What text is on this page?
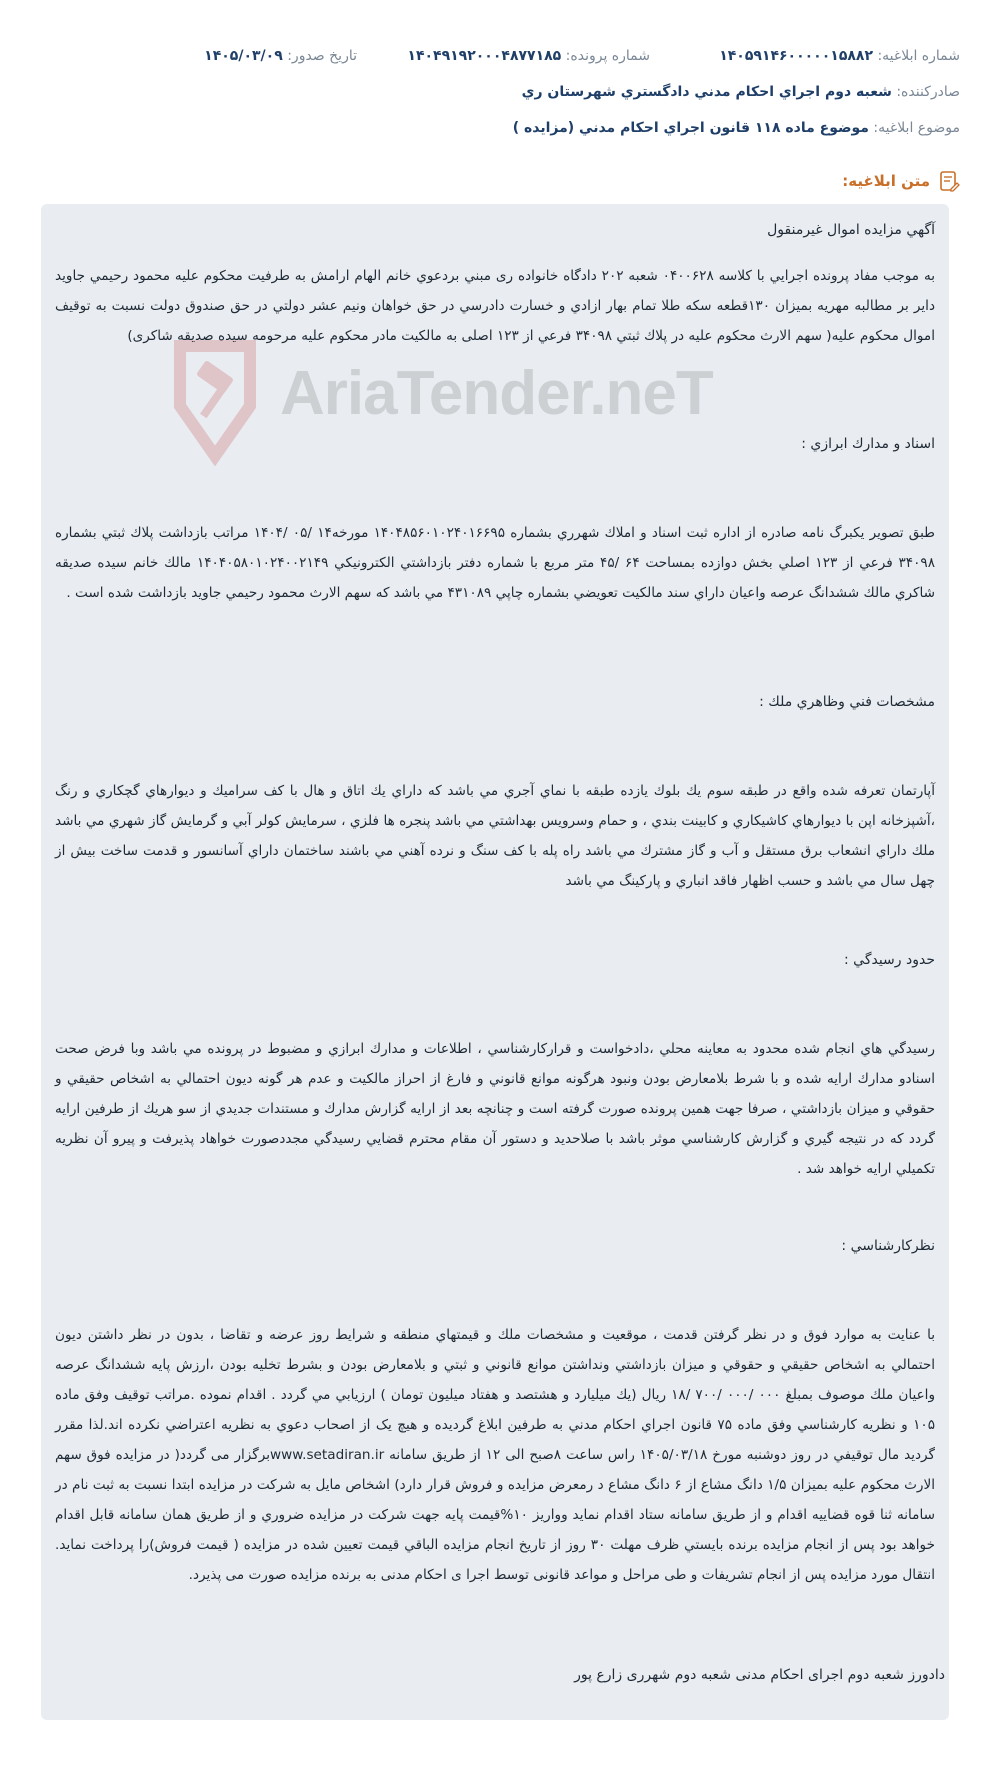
شماره ابلاغیه: ۱۴۰۵۹۱۴۶۰۰۰۰۰۱۵۸۸۲
شماره پرونده: ۱۴۰۴۹۱۹۲۰۰۰۴۸۷۷۱۸۵
تاریخ صدور: ۱۴۰۵/۰۳/۰۹
صادرکننده: شعبه دوم اجراي احكام مدني دادگستري شهرستان ري
موضوع ابلاغیه: موضوع ماده ۱۱۸ قانون اجراي احكام مدني (مزايده )
متن ابلاغیه:
AriaTender.neT
آگهي مزايده اموال غيرمنقول
به موجب مفاد پرونده اجرايي با كلاسه ۰۴۰۰۶۲۸ شعبه ۲۰۲ دادگاه خانواده ری مبني بردعوي خانم الهام ارامش به طرفيت محكوم عليه محمود رحيمي جاويد داير بر مطالبه مهريه بميزان ۱۳۰قطعه سكه طلا تمام بهار ازادي و خسارت دادرسي در حق خواهان ونيم عشر دولتي در حق صندوق دولت نسبت به توقيف اموال محكوم عليه( سهم الارث محكوم عليه در پلاك ثبتي ۳۴۰۹۸ فرعي از ۱۲۳ اصلی به مالکیت مادر محکوم علیه مرحومه سیده صدیقه شاکری)
اسناد و مدارك ابرازي :
طبق تصوير يكبرگ نامه صادره از اداره ثبت اسناد و املاك شهرري بشماره ۱۴۰۴۸۵۶۰۱۰۲۴۰۱۶۶۹۵ مورخه۱۴ /۰۵ /۱۴۰۴ مراتب بازداشت پلاك ثبتي بشماره ۳۴۰۹۸ فرعي از ۱۲۳ اصلي بخش دوازده بمساحت ۶۴ /۴۵ متر مربع با شماره دفتر بازداشتي الكترونيكي ۱۴۰۴۰۵۸۰۱۰۲۴۰۰۲۱۴۹ مالك خانم سيده صديقه شاكري مالك ششدانگ عرصه واعيان داراي سند مالكيت تعويضي بشماره چاپي ۴۳۱۰۸۹ مي باشد كه سهم الارث محمود رحيمي جاويد بازداشت شده است .
مشخصات فني وظاهري ملك :
آپارتمان تعرفه شده واقع در طبقه سوم يك بلوك يازده طبقه با نماي آجري مي باشد كه داراي يك اتاق و هال با كف سراميك و ديوارهاي گچكاري و رنگ ،آشپزخانه اپن با ديوارهاي كاشيكاري و كابينت بندي ، و حمام وسرويس بهداشتي مي باشد پنجره ها فلزي ، سرمايش كولر آبي و گرمايش گاز شهري مي باشد ملك داراي انشعاب برق مستقل و آب و گاز مشترك مي باشد راه پله با كف سنگ و نرده آهني مي باشند ساختمان داراي آسانسور و قدمت ساخت بيش از چهل سال مي باشد و حسب اظهار فاقد انباري و پاركينگ مي باشد
حدود رسيدگي :
رسيدگي هاي انجام شده محدود به معاينه محلي ،دادخواست و قراركارشناسي ، اطلاعات و مدارك ابرازي و مضبوط در پرونده مي باشد وبا فرض صحت اسنادو مدارك ارايه شده و با شرط بلامعارض بودن ونبود هرگونه موانع قانوني و فارغ از احراز مالكيت و عدم هر گونه ديون احتمالي به اشخاص حقيقي و حقوقي و ميزان بازداشتي ، صرفا جهت همين پرونده صورت گرفته است و چنانچه بعد از ارايه گزارش مدارك و مستندات جديدي از سو هريك از طرفين ارايه گردد كه در نتيجه گيري و گزارش كارشناسي موثر باشد با صلاحديد و دستور آن مقام محترم قضايي رسيدگي مجددصورت خواهاد پذيرفت و پيرو آن نظريه تكميلي ارايه خواهد شد .
نظركارشناسي :
با عنايت به موارد فوق و در نظر گرفتن قدمت ، موقعيت و مشخصات ملك و قيمتهاي منطقه و شرايط روز عرضه و تقاضا ، بدون در نظر داشتن ديون احتمالي به اشخاص حقيقي و حقوقي و ميزان بازداشتي ونداشتن موانع قانوني و ثبتي و بلامعارض بودن و بشرط تخليه بودن ،ارزش پايه ششدانگ عرصه واعيان ملك موصوف بمبلغ ۰۰۰ /۰۰۰ /۷۰۰ /۱۸ ريال (يك ميليارد و هشتصد و هفتاد ميليون تومان ) ارزيابي مي گردد . اقدام نموده .مراتب توقيف وفق ماده ۱۰۵ و نظريه كارشناسي وفق ماده ۷۵ قانون اجراي احكام مدني به طرفين ابلاغ گرديده و هيچ یک از اصحاب دعوي به نظريه اعتراضي نكرده اند.لذا مقرر گرديد مال توقيفي در روز دوشنبه مورخ ۱۴۰۵/۰۳/۱۸ راس ساعت ۸صبح الی ۱۲ از طريق سامانه www.setadiran.irبرگزار می گردد( در مزايده فوق سهم الارث محكوم عليه بميزان ۱/۵ دانگ مشاع از ۶ دانگ مشاع د رمعرض مزايده و فروش قرار دارد) اشخاص مايل به شركت در مزايده ابتدا نسبت به ثبت نام در سامانه ثنا قوه قضاييه اقدام و از طريق سامانه ستاد اقدام نمايد وواريز ۱۰%قيمت پايه جهت شركت در مزايده ضروري و از طريق همان سامانه قابل اقدام خواهد بود پس از انجام مزايده برنده بايستي ظرف مهلت ۳۰ روز از تاريخ انجام مزايده الباقي قيمت تعيين شده در مزايده ( قيمت فروش)را پرداخت نمايد. انتقال مورد مزايده پس از انجام تشريفات و طی مراحل و مواعد قانونی توسط اجرا ی احکام مدنی به برنده مزايده صورت می پذيرد.
دادورز شعبه دوم اجرای احکام مدنی شعبه دوم شهرری زارع پور
